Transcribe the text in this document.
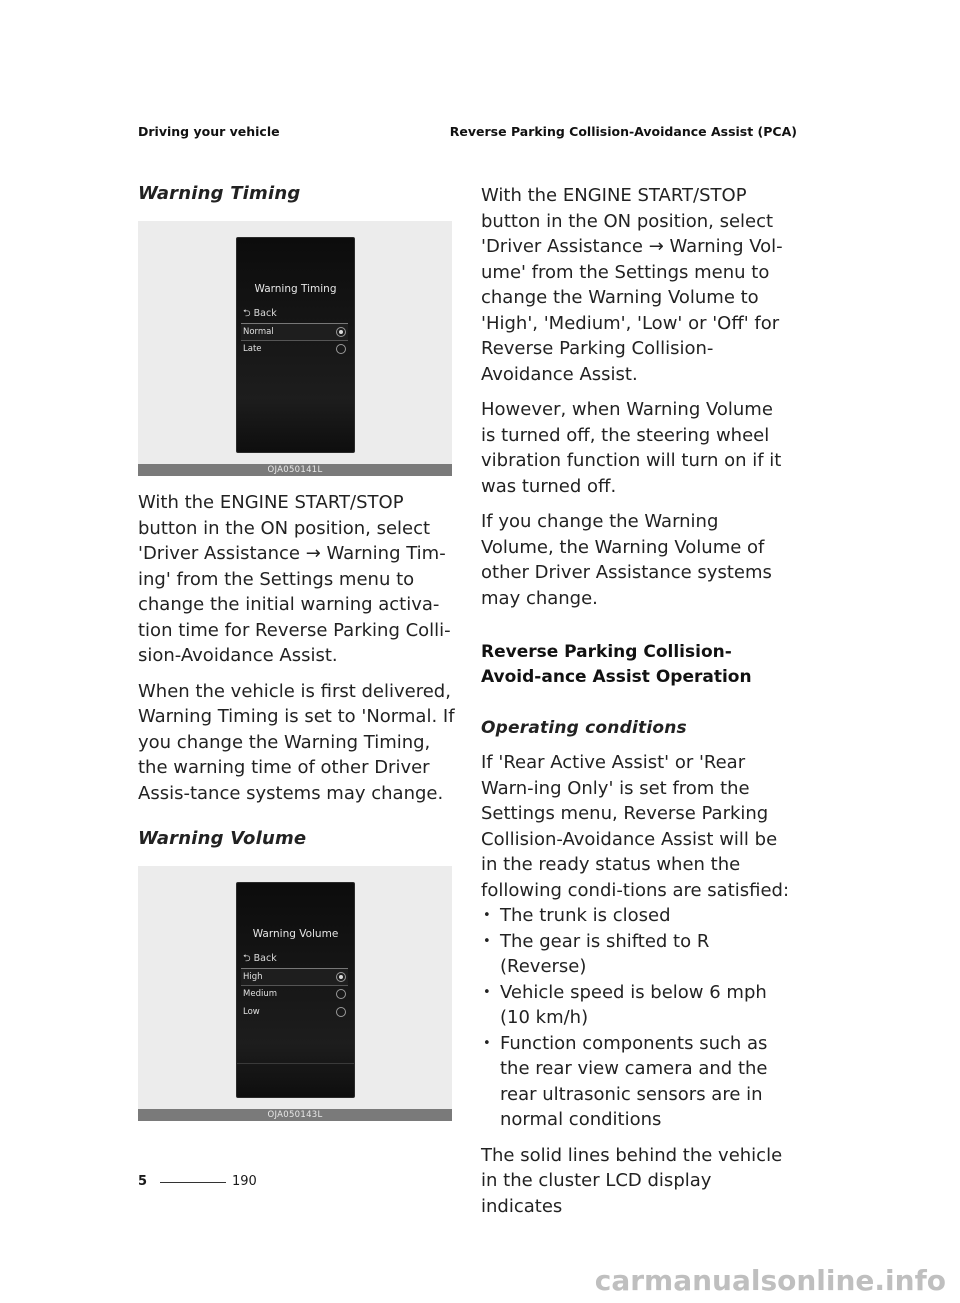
Driving your vehicle	Reverse Parking Collision-Avoidance Assist (PCA)
Warning Timing
Warning Timing
⮌ Back
Normal
Late
OJA050141L

With the ENGINE START/STOP button in the ON position, select 'Driver Assistance → Warning Tim-ing' from the Settings menu to change the initial warning activa-tion time for Reverse Parking Colli-sion-Avoidance Assist.

When the vehicle is first delivered, Warning Timing is set to 'Normal. If you change the Warning Timing, the warning time of other Driver Assis-tance systems may change.

Warning Volume
Warning Volume
⮌ Back
High
Medium
Low
OJA050143L

With the ENGINE START/STOP button in the ON position, select 'Driver Assistance → Warning Vol-ume' from the Settings menu to change the Warning Volume to 'High', 'Medium', 'Low' or 'Off' for Reverse Parking Collision-Avoidance Assist.

However, when Warning Volume is turned off, the steering wheel vibration function will turn on if it was turned off.

If you change the Warning Volume, the Warning Volume of other Driver Assistance systems may change.

Reverse Parking Collision- Avoid-ance Assist Operation
Operating conditions

If 'Rear Active Assist' or 'Rear Warn-ing Only' is set from the Settings menu, Reverse Parking Collision-Avoidance Assist will be in the ready status when the following condi-tions are satisfied:

• The trunk is closed
• The gear is shifted to R (Reverse)
• Vehicle speed is below 6 mph (10 km/h)
• Function components such as the rear view camera and the rear ultrasonic sensors are in normal conditions

The solid lines behind the vehicle in the cluster LCD display indicates

5	190
carmanualsonline.info
